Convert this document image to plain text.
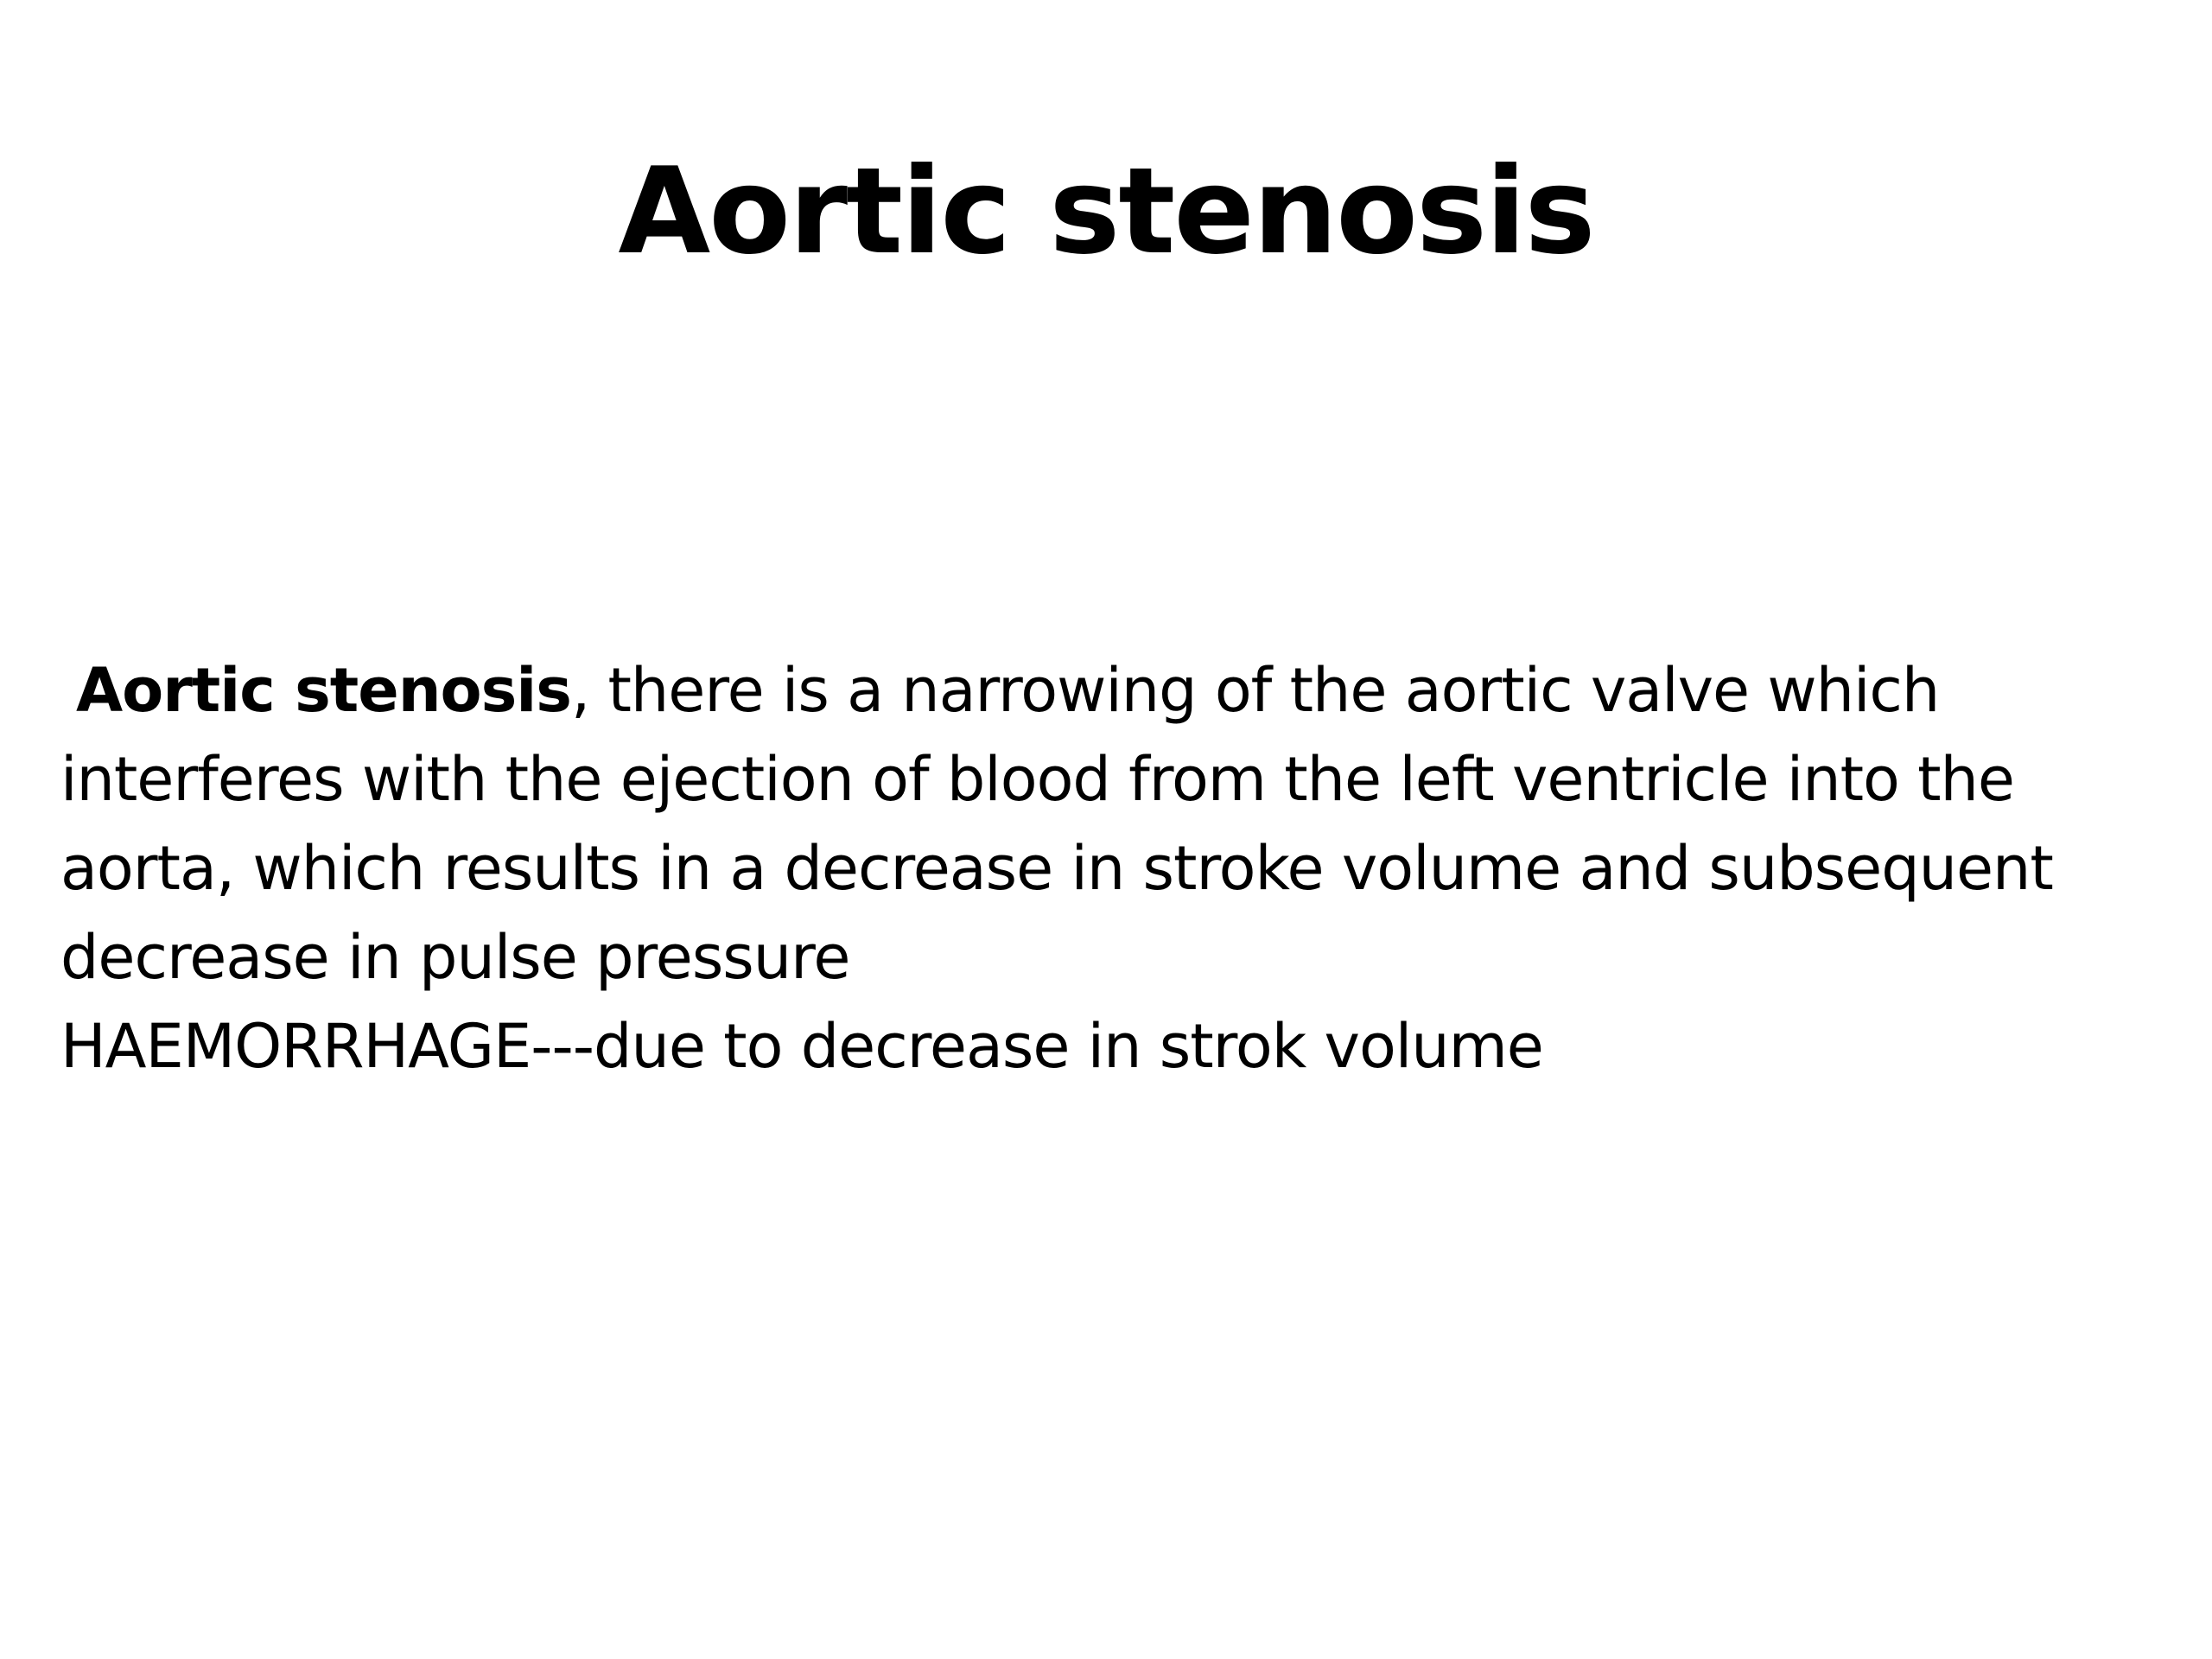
Aortic stenosis
Aortic stenosis, there is a narrowing of the aortic valve which
interferes with the ejection of blood from the left ventricle into the
aorta, which results in a decrease in stroke volume and subsequent
decrease in pulse pressure
HAEMORRHAGE---due to decrease in strok volume
